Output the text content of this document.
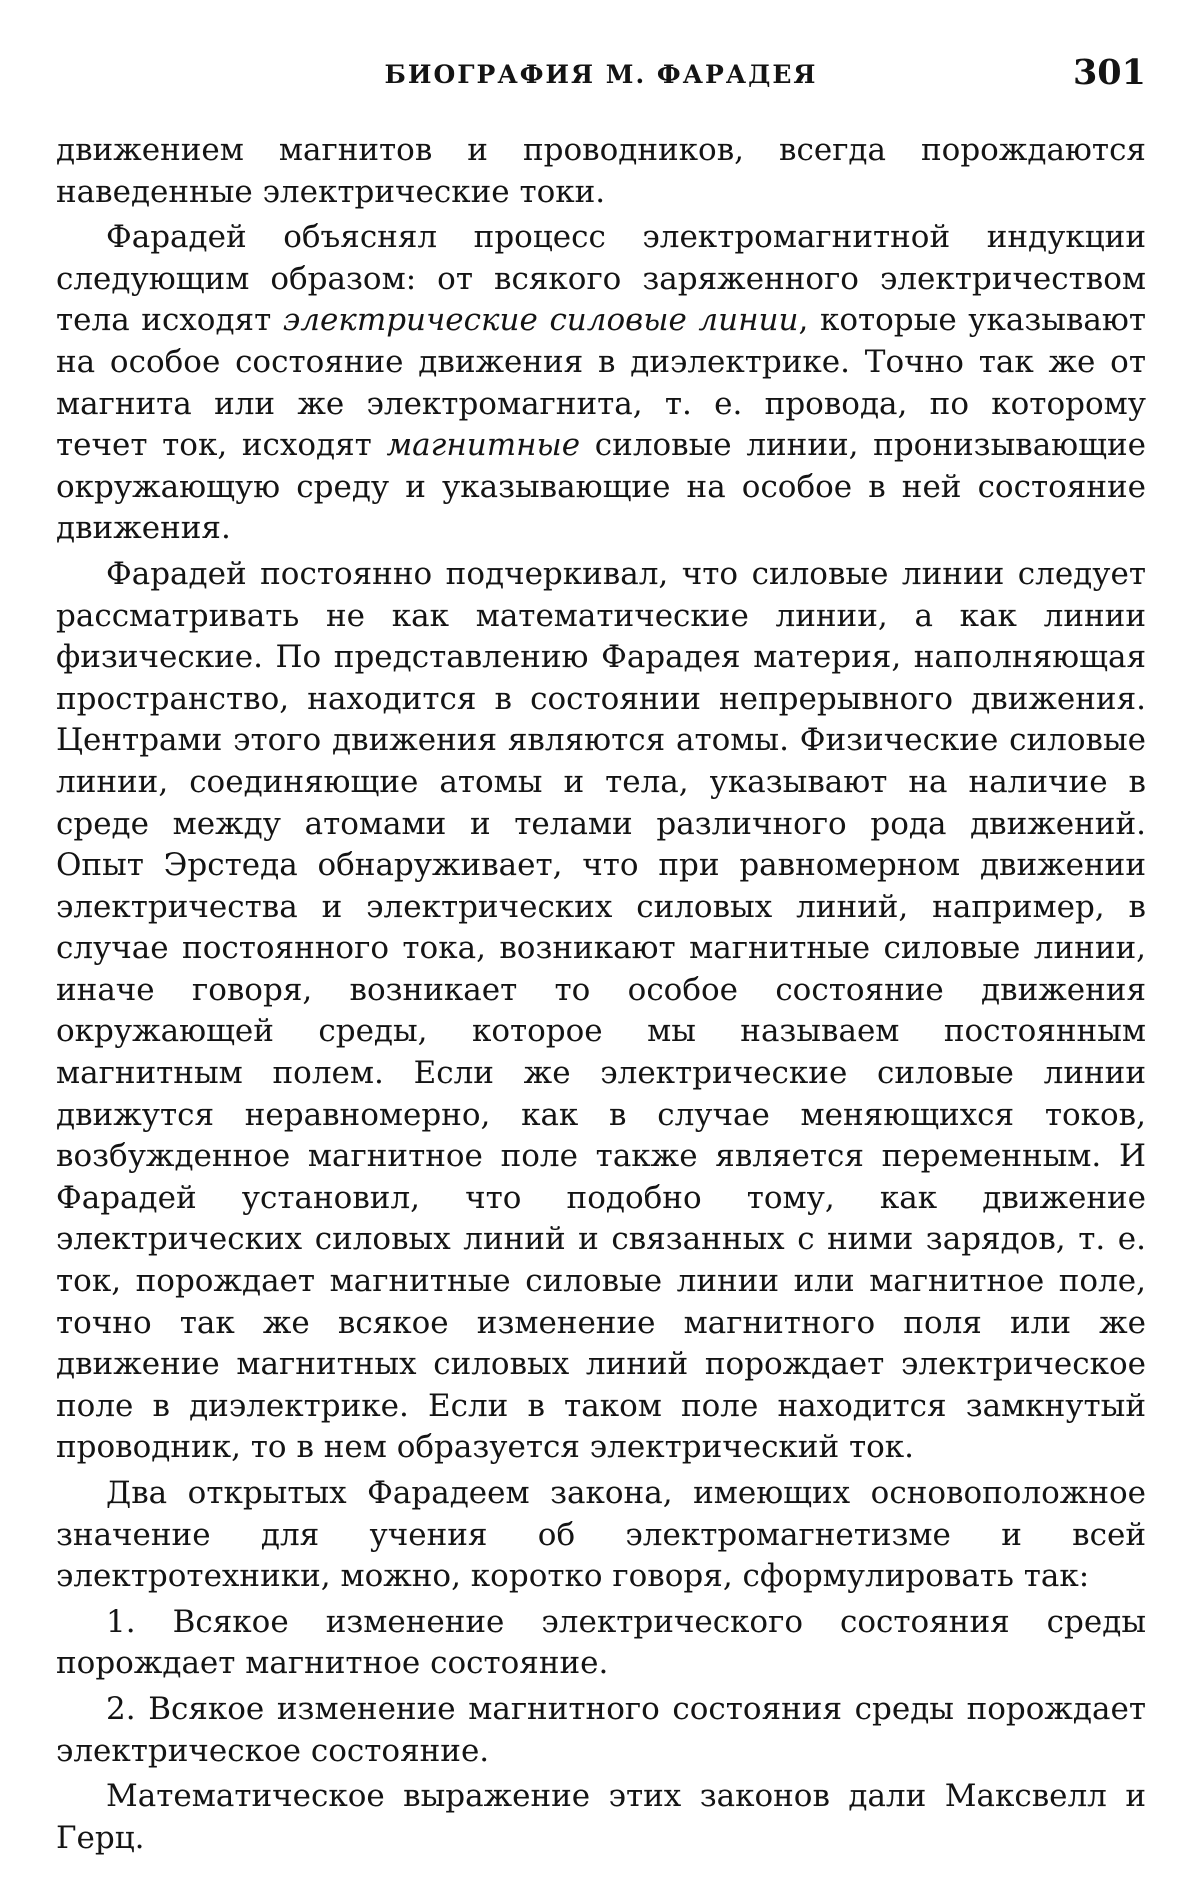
БИОГРАФИЯ М. ФАРАДЕЯ	301

движением магнитов и проводников, всегда порождаются наведенные электрические токи.

Фарадей объяснял процесс электромагнитной индукции следующим образом: от всякого заряженного электричеством тела исходят электрические силовые линии, которые указывают на особое состояние движения в диэлектрике. Точно так же от магнита или же электромагнита, т. е. провода, по которому течет ток, исходят магнитные силовые линии, пронизывающие окружающую среду и указывающие на особое в ней состояние движения.

Фарадей постоянно подчеркивал, что силовые линии следует рассматривать не как математические линии, а как линии физические. По представлению Фарадея материя, наполняющая пространство, находится в состоянии непрерывного движения. Центрами этого движения являются атомы. Физические силовые линии, соединяющие атомы и тела, указывают на наличие в среде между атомами и телами различного рода движений. Опыт Эрстеда обнаруживает, что при равномерном движении электричества и электрических силовых линий, например, в случае постоянного тока, возникают магнитные силовые линии, иначе говоря, возникает то особое состояние движения окружающей среды, которое мы называем постоянным магнитным полем. Если же электрические силовые линии движутся неравномерно, как в случае меняющихся токов, возбужденное магнитное поле также является переменным. И Фарадей установил, что подобно тому, как движение электрических силовых линий и связанных с ними зарядов, т. е. ток, порождает магнитные силовые линии или магнитное поле, точно так же всякое изменение магнитного поля или же движение магнитных силовых линий порождает электрическое поле в диэлектрике. Если в таком поле находится замкнутый проводник, то в нем образуется электрический ток.

Два открытых Фарадеем закона, имеющих основоположное значение для учения об электромагнетизме и всей электротехники, можно, коротко говоря, сформулировать так:

1. Всякое изменение электрического состояния среды порождает магнитное состояние.

2. Всякое изменение магнитного состояния среды порождает электрическое состояние.

Математическое выражение этих законов дали Максвелл и Герц.
